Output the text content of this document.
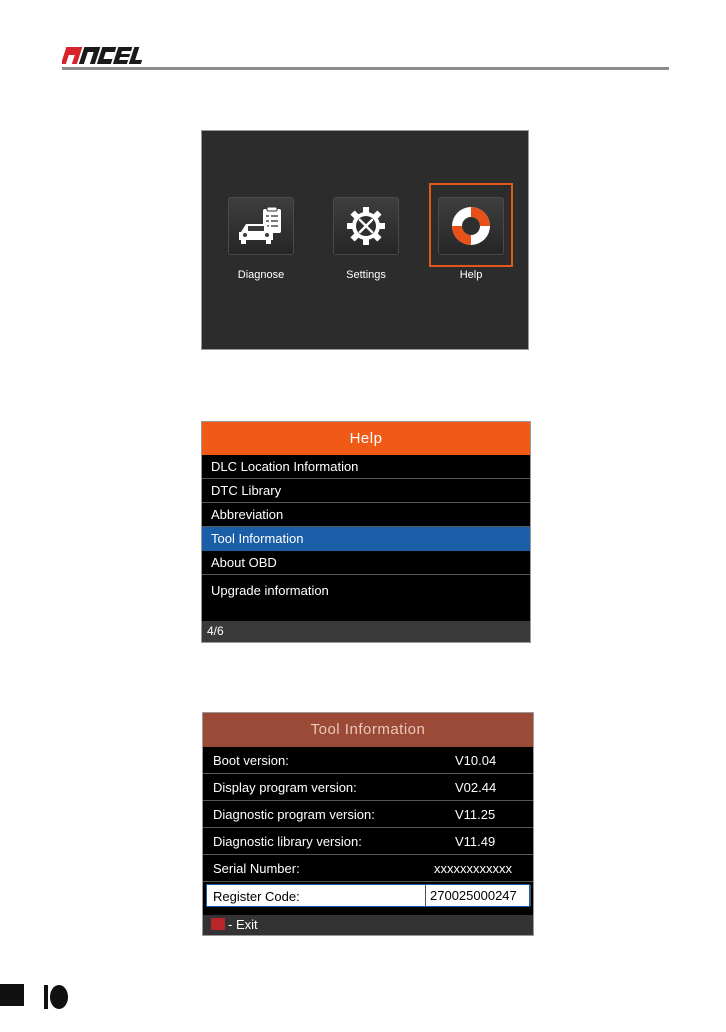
Diagnose	Settings	Help
Help
DLC Location Information
DTC Library
Abbreviation
Tool Information
About OBD
Upgrade information
4/6
Tool Information
Boot version:	V10.04
Display program version:	V02.44
Diagnostic program version:	V11.25
Diagnostic library version:	V11.49
Serial Number:	xxxxxxxxxxxx
Register Code:	270025000247
- Exit
